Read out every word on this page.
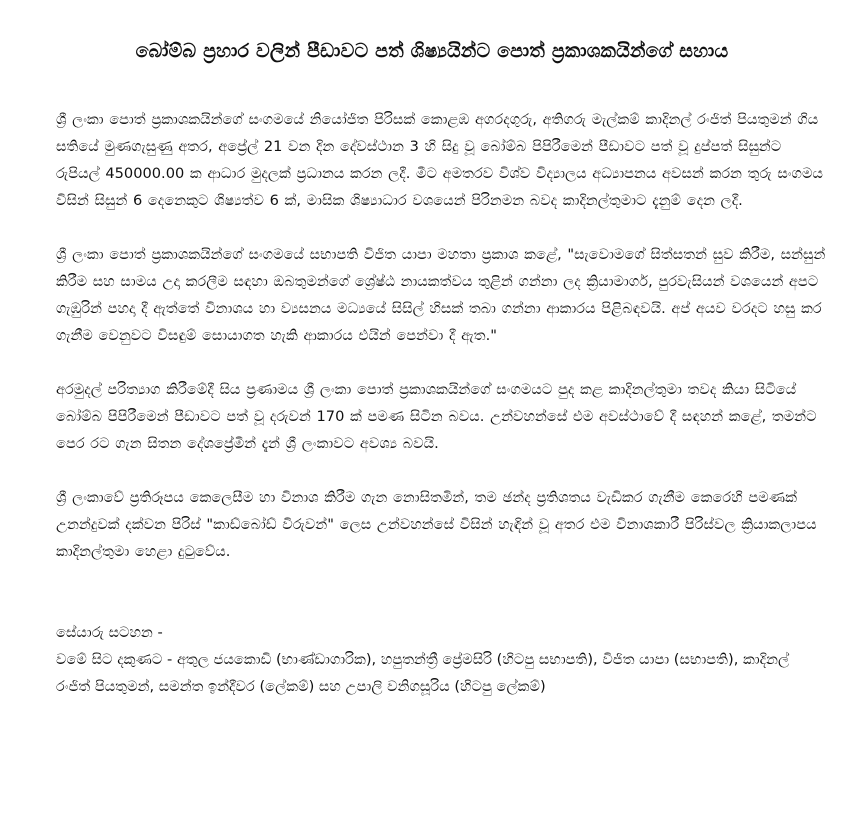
බෝම්බ ප්‍රහාර වලින් පීඩාවට පත් ශිෂ්‍යයින්ට පොත් ප්‍රකාශකයින්ගේ සහාය

ශ්‍රී ලංකා පොත් ප්‍රකාශකයින්ගේ සංගමයේ නියෝජිත පිරිසක් කොළඹ අගරදගුරු, අතිගරු මැල්කම් කාදිනල් රංජිත් පියතුමන් ගිය සතියේ මුණගැසුණු අතර, අප්‍රේල් 21 වන දින දේවස්ථාන 3 හි සිදු වූ බෝම්බ පිපිරීමෙන් පීඩාවට පත් වූ දුප්පත් සිසුන්ට රුපියල් 450000.00 ක ආධාර මුදලක් ප්‍රධානය කරන ලදී. මීට අමතරව විශ්ව විද්‍යාලය අධ්‍යාපනය අවසන් කරන තුරු සංගමය විසින් සිසුන් 6 දෙනෙකුට ශිෂ්‍යත්ව 6 ක්, මාසික ශිෂ්‍යාධාර වශයෙන් පිරිනමන බවද කාදිනල්තුමාට දැනුම් දෙන ලදී.

ශ්‍රී ලංකා පොත් ප්‍රකාශකයින්ගේ සංගමයේ සභාපති විජිත යාපා මහතා ප්‍රකාශ කළේ, "සැවොමගේ සිත්සතන් සුව කිරීම, සන්සුන් කිරීම සහ සාමය උදා කරලීම සඳහා ඔබතුමන්ගේ ශ්‍රේෂ්ඨ නායකත්වය තුළින් ගන්නා ලද ක්‍රියාමාර්ග, පුරවැසියන් වශයෙන් අපට ගැඹුරින් පහදා දී ඇත්තේ විනාශය හා ව්‍යසනය මධ්‍යයේ සිසිල් හිසක් තබා ගන්නා ආකාරය පිළිබඳවයි. අප් අයව වරදට හසු කර ගැනීම වෙනුවට විසඳුම් සොයාගත හැකි ආකාරය එයින් පෙන්වා දී ඇත."

අරමුදල් පරිත්‍යාග කිරීමේදී සිය ප්‍රණාමය ශ්‍රී ලංකා පොත් ප්‍රකාශකයින්ගේ සංගමයට පුද කළ කාදිනල්තුමා තවද කියා සිටියේ බෝම්බ පිපිරීමෙන් පීඩාවට පත් වූ දරුවන් 170 ක් පමණ සිටින බවය. උන්වහන්සේ එම අවස්ථාවේ දී සඳහන් කළේ, තමන්ට පෙර රට ගැන සිතන දේශප්‍රේමීන් දැන් ශ්‍රී ලංකාවට අවශ්‍ය බවයි.

ශ්‍රී ලංකාවේ ප්‍රතිරූපය කෙලෙසීම හා විනාශ කිරීම ගැන නොසිතමින්, තම ඡන්ද ප්‍රතිශතය වැඩිකර ගැනීම කෙරෙහි පමණක් උනන්දුවක් දක්වන පිරිස් "කාඩ්බෝඩ් විරුවන්" ලෙස උන්වහන්සේ විසින් හැඳින් වූ අතර එම විනාශකාරී පිරිස්වල ක්‍රියාකලාපය කාදිනල්තුමා හෙළා දුටුවේය.

සේයාරු සටහන -
වමේ සිට දකුණට - අතුල ජයකොඩි (භාණ්ඩාගාරික), හපුතන්ත්‍රී ප්‍රේමසිරි (හිටපු සභාපති), විජිත යාපා (සභාපති), කාදිනල් රංජිත් පියතුමන්, සමන්ත ඉන්දීවර (ලේකම්) සහ උපාලි වනිගසූරිය (හිටපු ලේකම්)
